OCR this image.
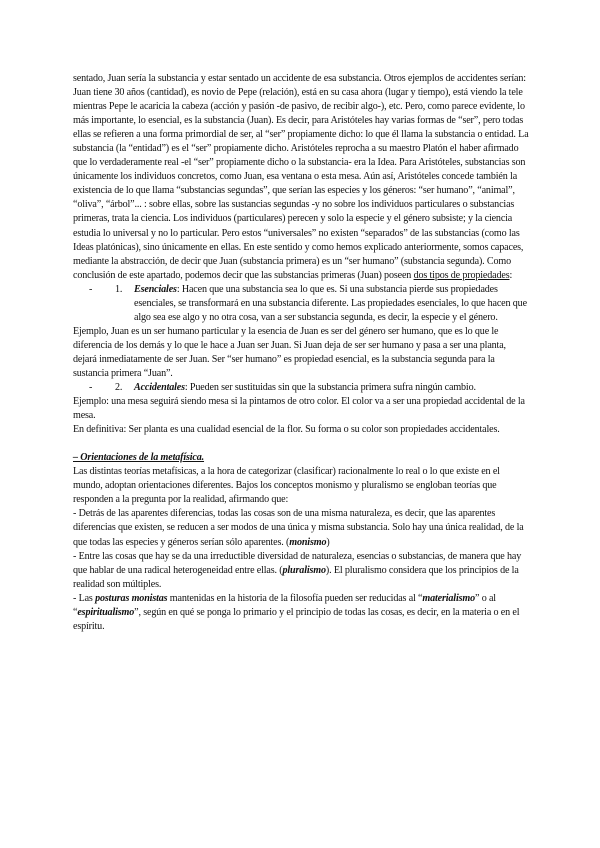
sentado, Juan sería la substancia y estar sentado un accidente de esa substancia. Otros ejemplos de accidentes serían: Juan tiene 30 años (cantidad), es novio de Pepe (relación), está en su casa ahora (lugar y tiempo), está viendo la tele mientras Pepe le acaricia la cabeza (acción y pasión -de pasivo, de recibir algo-), etc. Pero, como parece evidente, lo más importante, lo esencial, es la substancia (Juan). Es decir, para Aristóteles hay varias formas de “ser”, pero todas ellas se refieren a una forma primordial de ser, al “ser” propiamente dicho: lo que él llama la substancia o entidad. La substancia (la “entidad”) es el “ser” propiamente dicho. Aristóteles reprocha a su maestro Platón el haber afirmado que lo verdaderamente real -el “ser” propiamente dicho o la substancia- era la Idea. Para Aristóteles, substancias son únicamente los individuos concretos, como Juan, esa ventana o esta mesa. Aún así, Aristóteles concede también la existencia de lo que llama “substancias segundas”, que serían las especies y los géneros: “ser humano”, “animal”, “oliva”, “árbol”... : sobre ellas, sobre las sustancias segundas -y no sobre los individuos particulares o substancias primeras, trata la ciencia. Los individuos (particulares) perecen y solo la especie y el género subsiste; y la ciencia estudia lo universal y no lo particular. Pero estos “universales” no existen “separados” de las substancias (como las Ideas platónicas), sino únicamente en ellas. En este sentido y como hemos explicado anteriormente, somos capaces, mediante la abstracción, de decir que Juan (substancia primera) es un “ser humano” (substancia segunda). Como conclusión de este apartado, podemos decir que las substancias primeras (Juan) poseen dos tipos de propiedades:

-	1.	Esenciales: Hacen que una substancia sea lo que es. Si una substancia pierde sus propiedades esenciales, se transformará en una substancia diferente. Las propiedades esenciales, lo que hacen que algo sea ese algo y no otra cosa, van a ser substancia segunda, es decir, la especie y el género.

Ejemplo, Juan es un ser humano particular y la esencia de Juan es ser del género ser humano, que es lo que le diferencia de los demás y lo que le hace a Juan ser Juan. Si Juan deja de ser ser humano y pasa a ser una planta, dejará inmediatamente de ser Juan. Ser “ser humano” es propiedad esencial, es la substancia segunda para la sustancia primera “Juan”.

-	2.	Accidentales: Pueden ser sustituidas sin que la substancia primera sufra ningún cambio.

Ejemplo: una mesa seguirá siendo mesa si la pintamos de otro color. El color va a ser una propiedad accidental de la mesa.

En definitiva: Ser planta es una cualidad esencial de la flor. Su forma o su color son propiedades accidentales.

– Orientaciones de la metafísica.

Las distintas teorías metafísicas, a la hora de categorizar (clasificar) racionalmente lo real o lo que existe en el mundo, adoptan orientaciones diferentes. Bajos los conceptos monismo y pluralismo se engloban teorías que responden a la pregunta por la realidad, afirmando que:

- Detrás de las aparentes diferencias, todas las cosas son de una misma naturaleza, es decir, que las aparentes diferencias que existen, se reducen a ser modos de una única y misma substancia. Solo hay una única realidad, de la que todas las especies y géneros serían sólo aparentes. (monismo)

- Entre las cosas que hay se da una irreductible diversidad de naturaleza, esencias o substancias, de manera que hay que hablar de una radical heterogeneidad entre ellas. (pluralismo). El pluralismo considera que los principios de la realidad son múltiples.

- Las posturas monistas mantenidas en la historia de la filosofía pueden ser reducidas al “materialismo” o al “espiritualismo”, según en qué se ponga lo primario y el principio de todas las cosas, es decir, en la materia o en el espíritu.
